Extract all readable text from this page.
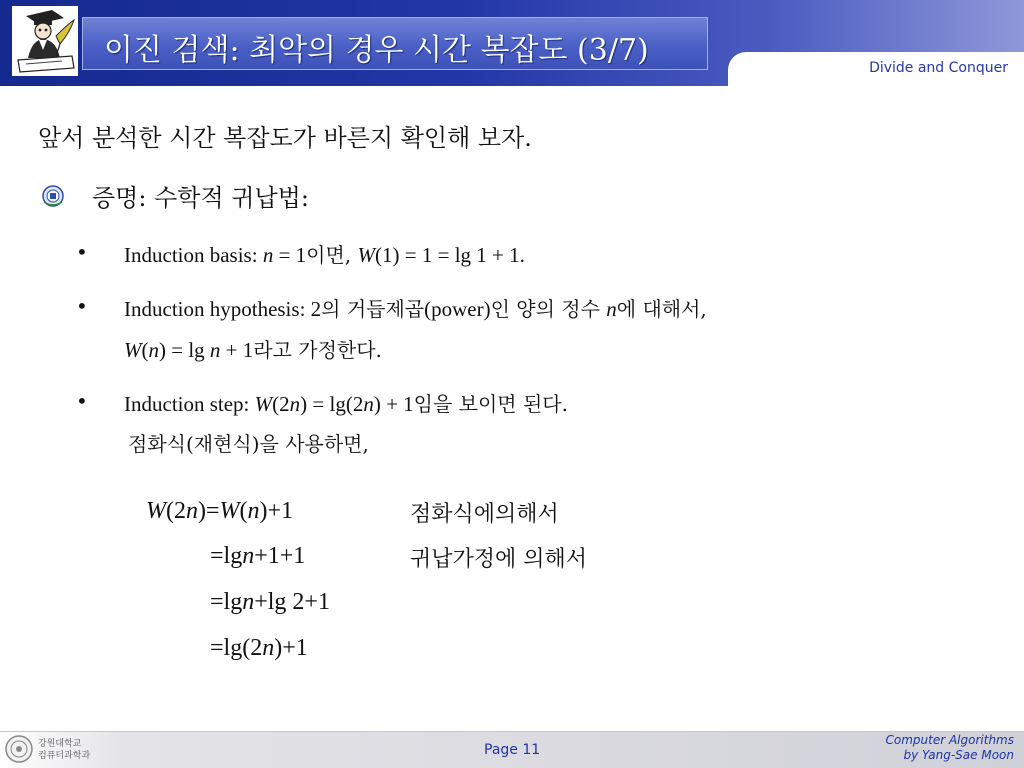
이진 검색: 최악의 경우 시간 복잡도 (3/7)	Divide and Conquer
앞서 분석한 시간 복잡도가 바른지 확인해 보자.
증명: 수학적 귀납법:
• Induction basis: n = 1이면, W(1) = 1 = lg 1 + 1.
• Induction hypothesis: 2의 거듭제곱(power)인 양의 정수 n에 대해서,
W(n) = lg n + 1라고 가정한다.
• Induction step: W(2n) = lg(2n) + 1임을 보이면 된다.
점화식(재현식)을 사용하면,
W(2n)=W(n)+1	점화식에의해서
=lgn+1+1	귀납가정에 의해서
=lgn+lg 2+1
=lg(2n)+1
강원대학교
컴퓨터과학과	Page 11
Computer Algorithms
by Yang-Sae Moon
